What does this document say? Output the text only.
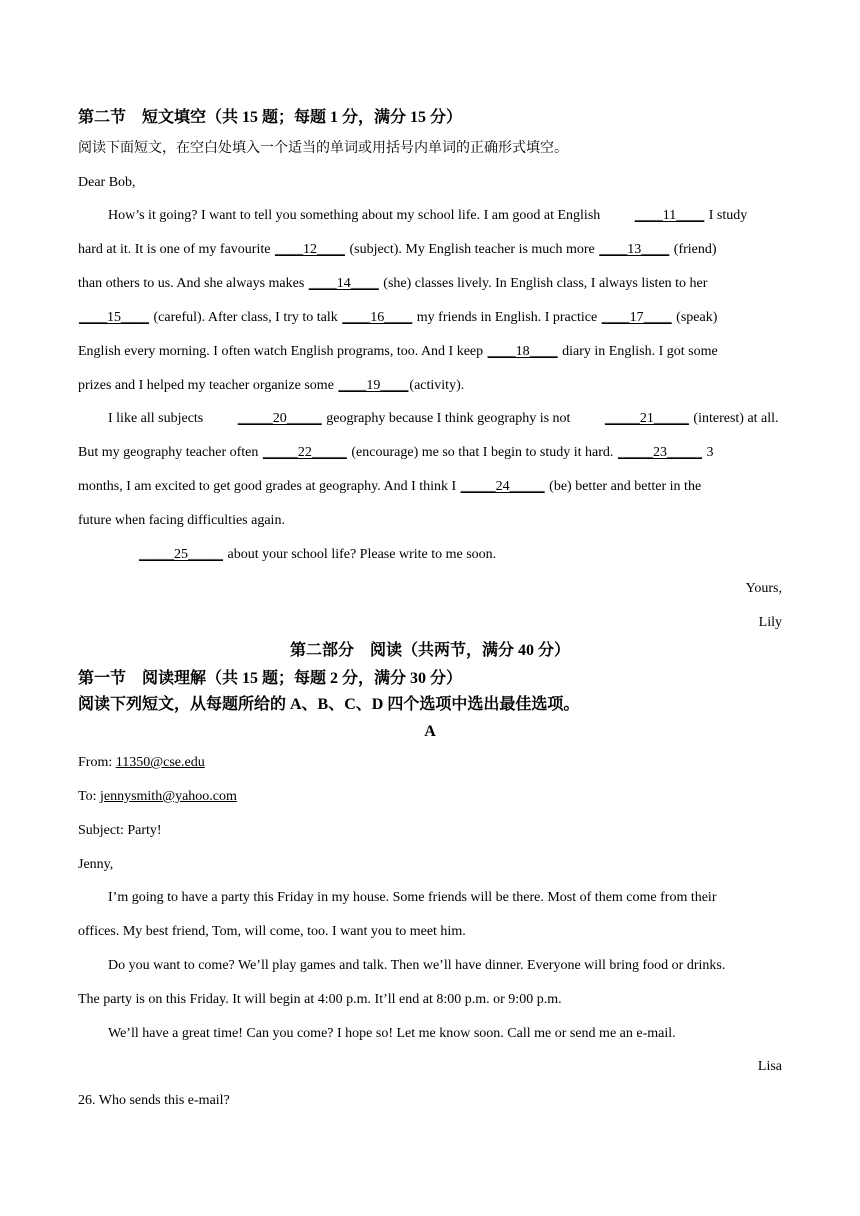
第二节　短文填空（共 15 题；每题 1 分，满分 15 分）
阅读下面短文，在空白处填入一个适当的单词或用括号内单词的正确形式填空。
Dear Bob,
How’s it going? I want to tell you something about my school life. I am good at English ____11____ I study
hard at it. It is one of my favourite ____12____ (subject). My English teacher is much more ____13____ (friend)
than others to us. And she always makes ____14____ (she) classes lively. In English class, I always listen to her
____15____ (careful). After class, I try to talk ____16____ my friends in English. I practice ____17____ (speak)
English every morning. I often watch English programs, too. And I keep ____18____ diary in English. I got some
prizes and I helped my teacher organize some ____19____(activity).
I like all subjects _____20_____ geography because I think geography is not _____21_____ (interest) at all.
But my geography teacher often _____22_____ (encourage) me so that I begin to study it hard. _____23_____ 3
months, I am excited to get good grades at geography. And I think I _____24_____ (be) better and better in the
future when facing difficulties again.
_____25_____ about your school life? Please write to me soon.
Yours,
Lily
第二部分　阅读（共两节，满分 40 分）
第一节　阅读理解（共 15 题；每题 2 分，满分 30 分）
阅读下列短文，从每题所给的 A、B、C、D 四个选项中选出最佳选项。
A
From: 11350@cse.edu
To: jennysmith@yahoo.com
Subject: Party!
Jenny,
I’m going to have a party this Friday in my house. Some friends will be there. Most of them come from their
offices. My best friend, Tom, will come, too. I want you to meet him.
Do you want to come? We’ll play games and talk. Then we’ll have dinner. Everyone will bring food or drinks.
The party is on this Friday. It will begin at 4:00 p.m. It’ll end at 8:00 p.m. or 9:00 p.m.
We’ll have a great time! Can you come? I hope so! Let me know soon. Call me or send me an e-mail.
Lisa
26. Who sends this e-mail?
